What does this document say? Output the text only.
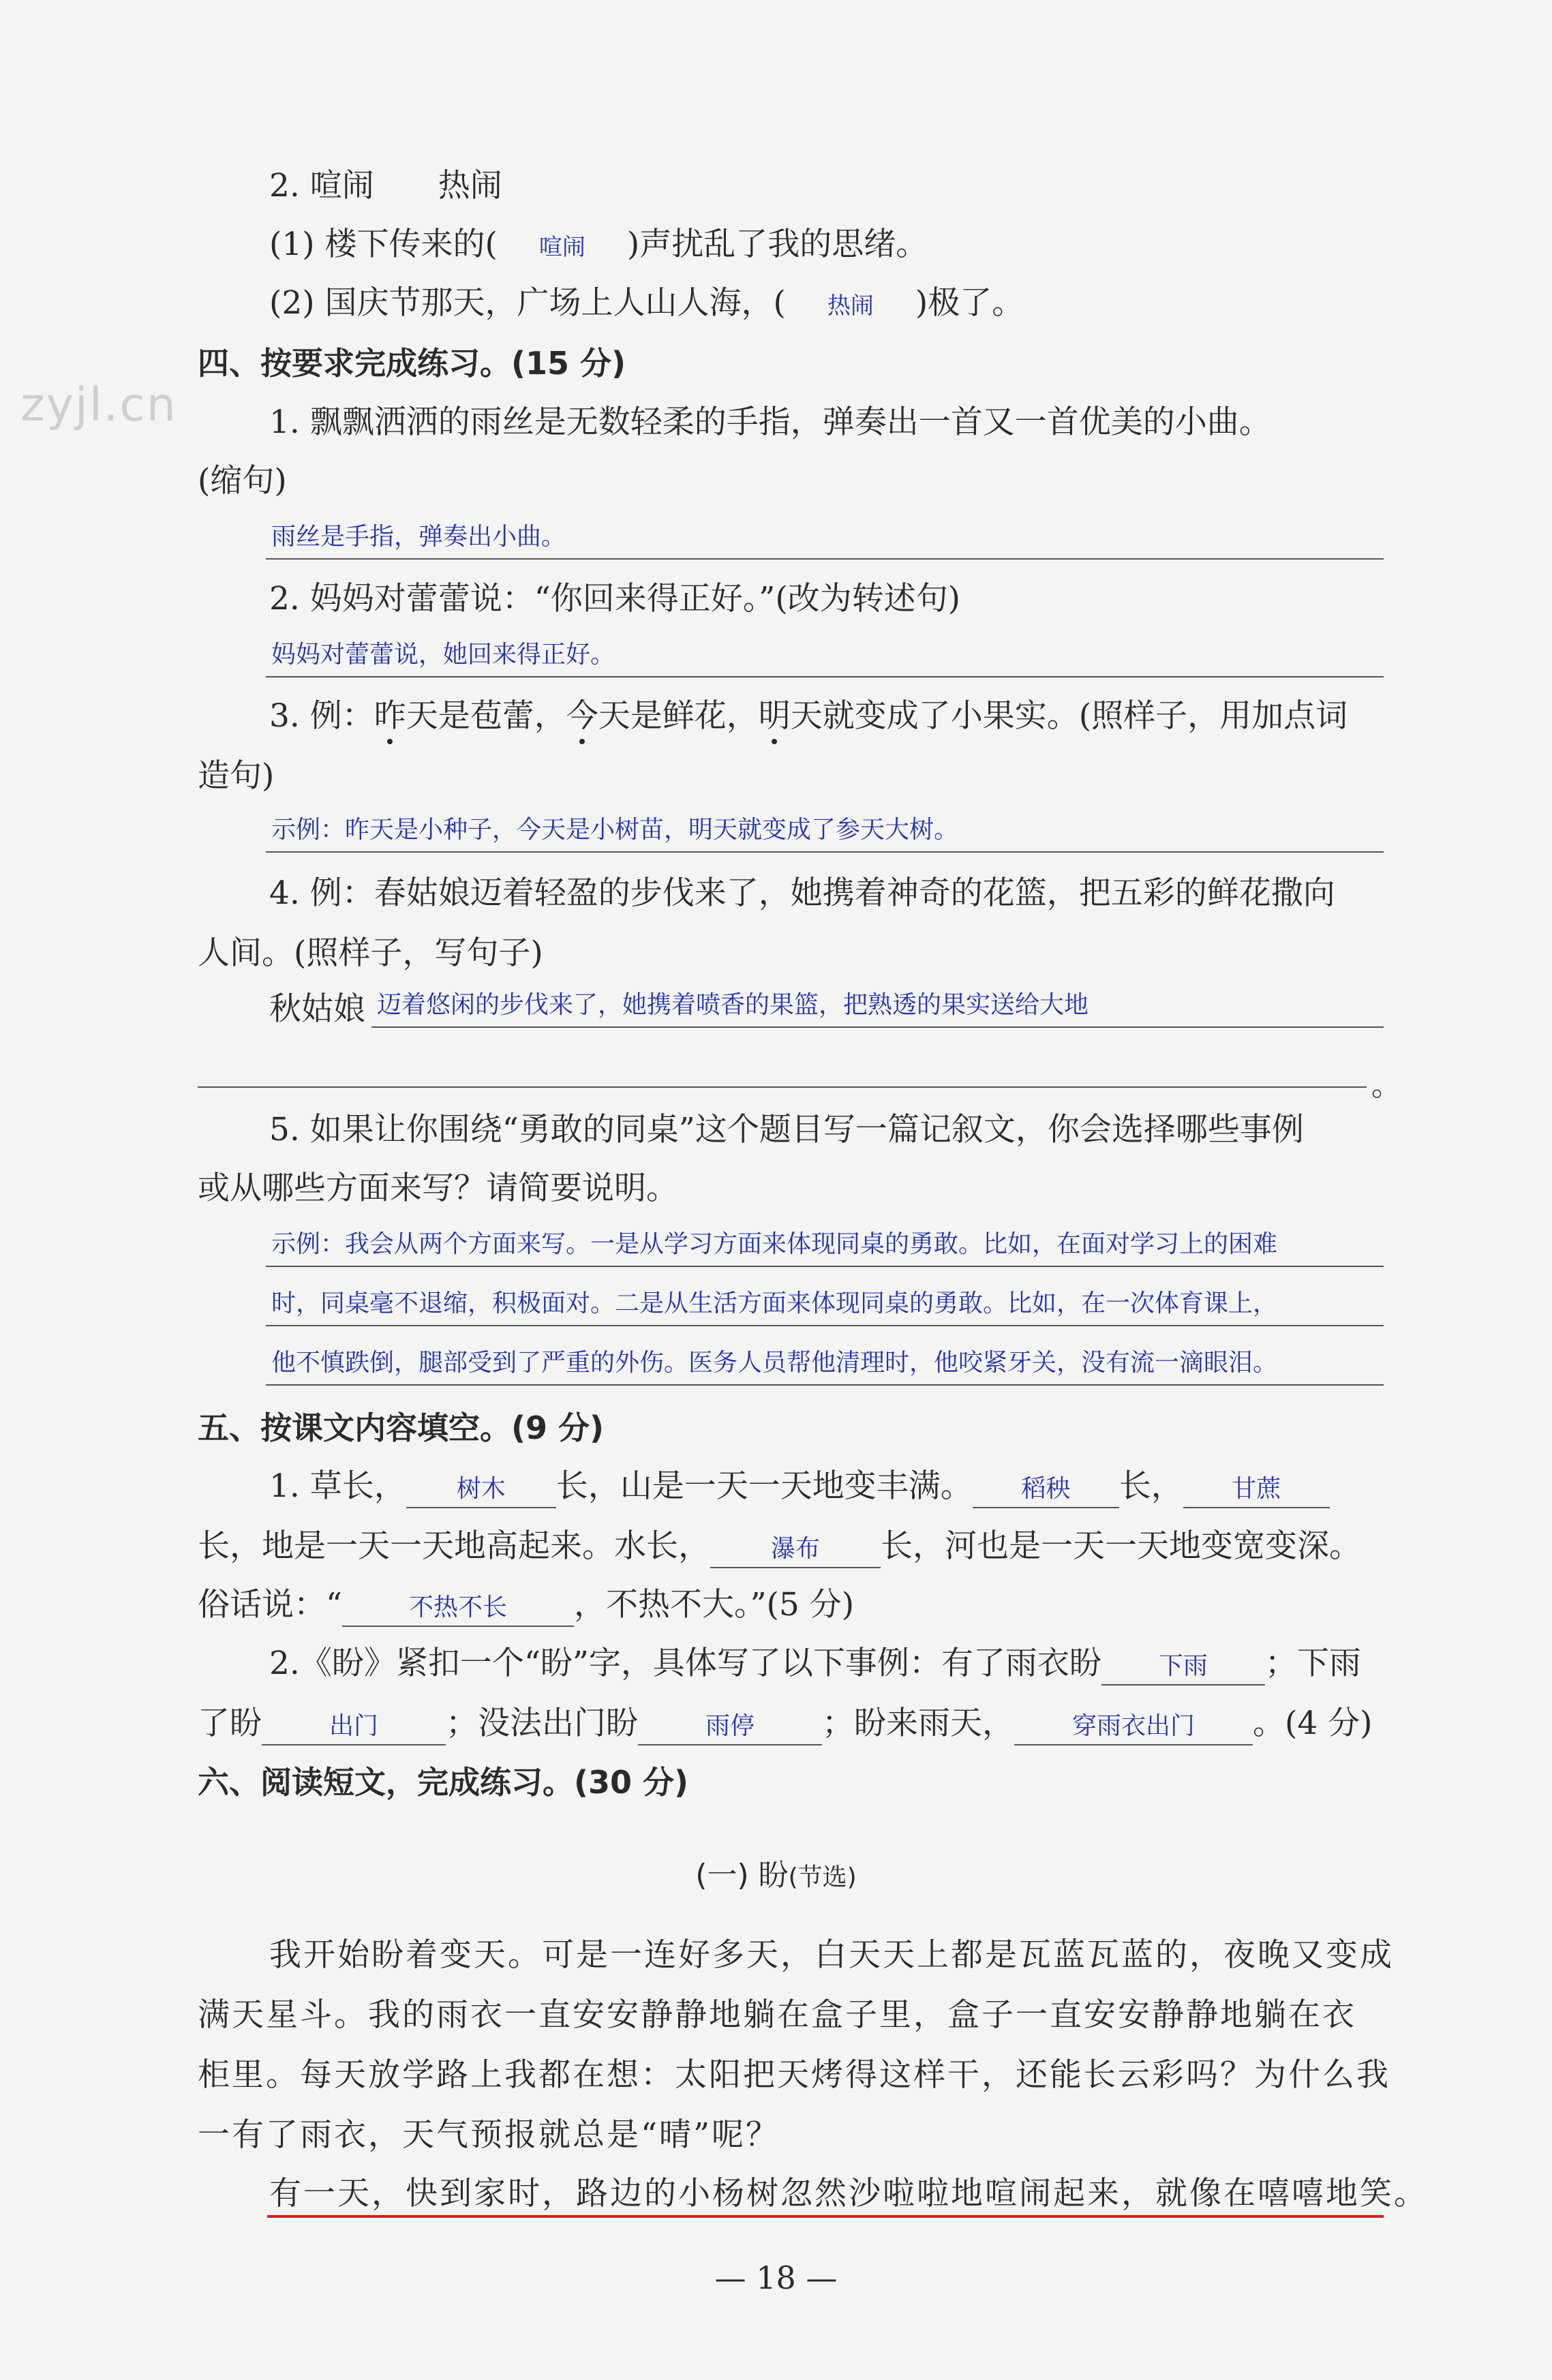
zyjl.cn
2. 喧闹　　热闹
(1) 楼下传来的( 喧闹 )声扰乱了我的思绪。
(2) 国庆节那天，广场上人山人海，( 热闹 )极了。
四、按要求完成练习。(15 分)
1. 飘飘洒洒的雨丝是无数轻柔的手指，弹奏出一首又一首优美的小曲。
(缩句)
雨丝是手指，弹奏出小曲。
2. 妈妈对蕾蕾说：“你回来得正好。”(改为转述句)
妈妈对蕾蕾说，她回来得正好。
3. 例：昨天是苞蕾，今天是鲜花，明天就变成了小果实。(照样子，用加点词
造句)
示例：昨天是小种子，今天是小树苗，明天就变成了参天大树。
4. 例：春姑娘迈着轻盈的步伐来了，她携着神奇的花篮，把五彩的鲜花撒向
人间。(照样子，写句子)
秋姑娘 迈着悠闲的步伐来了，她携着喷香的果篮，把熟透的果实送给大地
。
5. 如果让你围绕“勇敢的同桌”这个题目写一篇记叙文，你会选择哪些事例
或从哪些方面来写？请简要说明。
示例：我会从两个方面来写。一是从学习方面来体现同桌的勇敢。比如，在面对学习上的困难
时，同桌毫不退缩，积极面对。二是从生活方面来体现同桌的勇敢。比如，在一次体育课上，
他不慎跌倒，腿部受到了严重的外伤。医务人员帮他清理时，他咬紧牙关，没有流一滴眼泪。
五、按课文内容填空。(9 分)
1. 草长， 树木 长，山是一天一天地变丰满。 稻秧 长， 甘蔗
长，地是一天一天地高起来。水长， 瀑布 长，河也是一天一天地变宽变深。
俗话说：“	不热不长 ，不热不大。”(5 分)
2.《盼》紧扣一个“盼”字，具体写了以下事例：有了雨衣盼 下雨 ；下雨
了盼	出门 ；没法出门盼	雨停 ；盼来雨天， 穿雨衣出门 。(4 分)
六、阅读短文，完成练习。(30 分)
(一) 盼(节选)
我开始盼着变天。可是一连好多天，白天天上都是瓦蓝瓦蓝的，夜晚又变成
满天星斗。我的雨衣一直安安静静地躺在盒子里，盒子一直安安静静地躺在衣
柜里。每天放学路上我都在想：太阳把天烤得这样干，还能长云彩吗？为什么我
一有了雨衣，天气预报就总是“晴”呢？
有一天，快到家时，路边的小杨树忽然沙啦啦地喧闹起来，就像在嘻嘻地笑。
— 18 —
